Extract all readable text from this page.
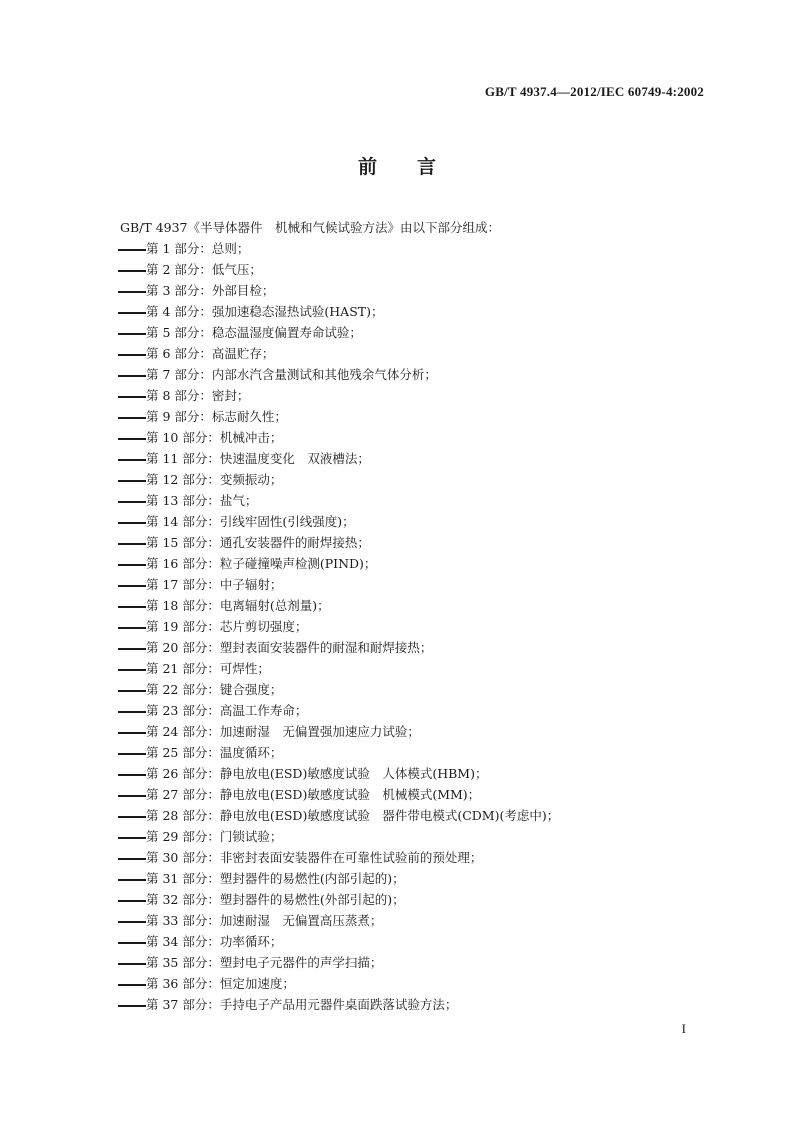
GB/T 4937.4—2012/IEC 60749-4:2002
前言
GB/T 4937《半导体器件　机械和气候试验方法》由以下部分组成：
第 1 部分：总则；
第 2 部分：低气压；
第 3 部分：外部目检；
第 4 部分：强加速稳态湿热试验(HAST)；
第 5 部分：稳态温湿度偏置寿命试验；
第 6 部分：高温贮存；
第 7 部分：内部水汽含量测试和其他残余气体分析；
第 8 部分：密封；
第 9 部分：标志耐久性；
第 10 部分：机械冲击；
第 11 部分：快速温度变化　双液槽法；
第 12 部分：变频振动；
第 13 部分：盐气；
第 14 部分：引线牢固性(引线强度)；
第 15 部分：通孔安装器件的耐焊接热；
第 16 部分：粒子碰撞噪声检测(PIND)；
第 17 部分：中子辐射；
第 18 部分：电离辐射(总剂量)；
第 19 部分：芯片剪切强度；
第 20 部分：塑封表面安装器件的耐湿和耐焊接热；
第 21 部分：可焊性；
第 22 部分：键合强度；
第 23 部分：高温工作寿命；
第 24 部分：加速耐湿　无偏置强加速应力试验；
第 25 部分：温度循环；
第 26 部分：静电放电(ESD)敏感度试验　人体模式(HBM)；
第 27 部分：静电放电(ESD)敏感度试验　机械模式(MM)；
第 28 部分：静电放电(ESD)敏感度试验　器件带电模式(CDM)(考虑中)；
第 29 部分：门锁试验；
第 30 部分：非密封表面安装器件在可靠性试验前的预处理；
第 31 部分：塑封器件的易燃性(内部引起的)；
第 32 部分：塑封器件的易燃性(外部引起的)；
第 33 部分：加速耐湿　无偏置高压蒸煮；
第 34 部分：功率循环；
第 35 部分：塑封电子元器件的声学扫描；
第 36 部分：恒定加速度；
第 37 部分：手持电子产品用元器件桌面跌落试验方法；
I
